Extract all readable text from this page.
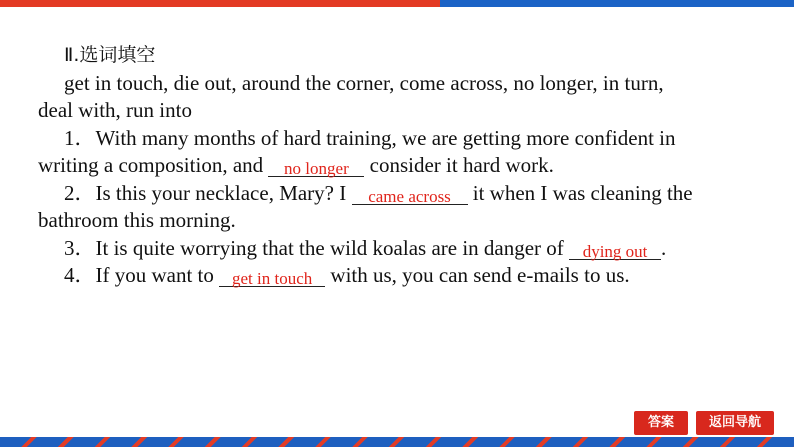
Ⅱ.选词填空
get in touch, die out, around the corner, come across, no longer, in turn,
deal with, run into
1．With many months of hard training, we are getting more confident in
writing a composition, and no longer consider it hard work.
2．Is this your necklace, Mary? I came across it when I was cleaning the
bathroom this morning.
3．It is quite worrying that the wild koalas are in danger of dying out .
4．If you want to get in touch with us, you can send e-mails to us.
答案	返回导航
